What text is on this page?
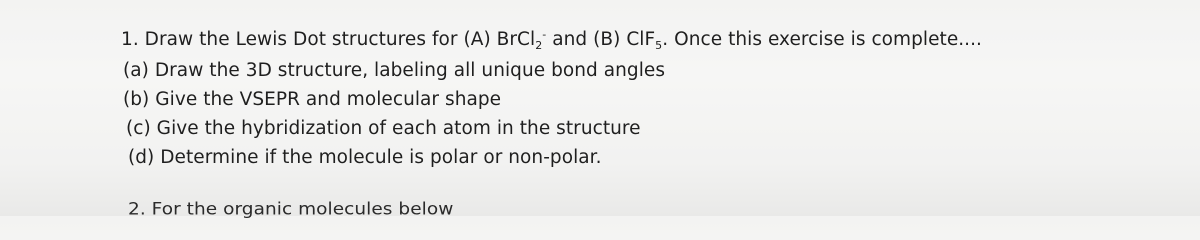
1. Draw the Lewis Dot structures for (A) BrCl$_2$- and (B) ClF$_5$. Once this exercise is complete....
(a) Draw the 3D structure, labeling all unique bond angles
(b) Give the VSEPR and molecular shape
(c) Give the hybridization of each atom in the structure
(d) Determine if the molecule is polar or non-polar.
2. For the organic molecules below
